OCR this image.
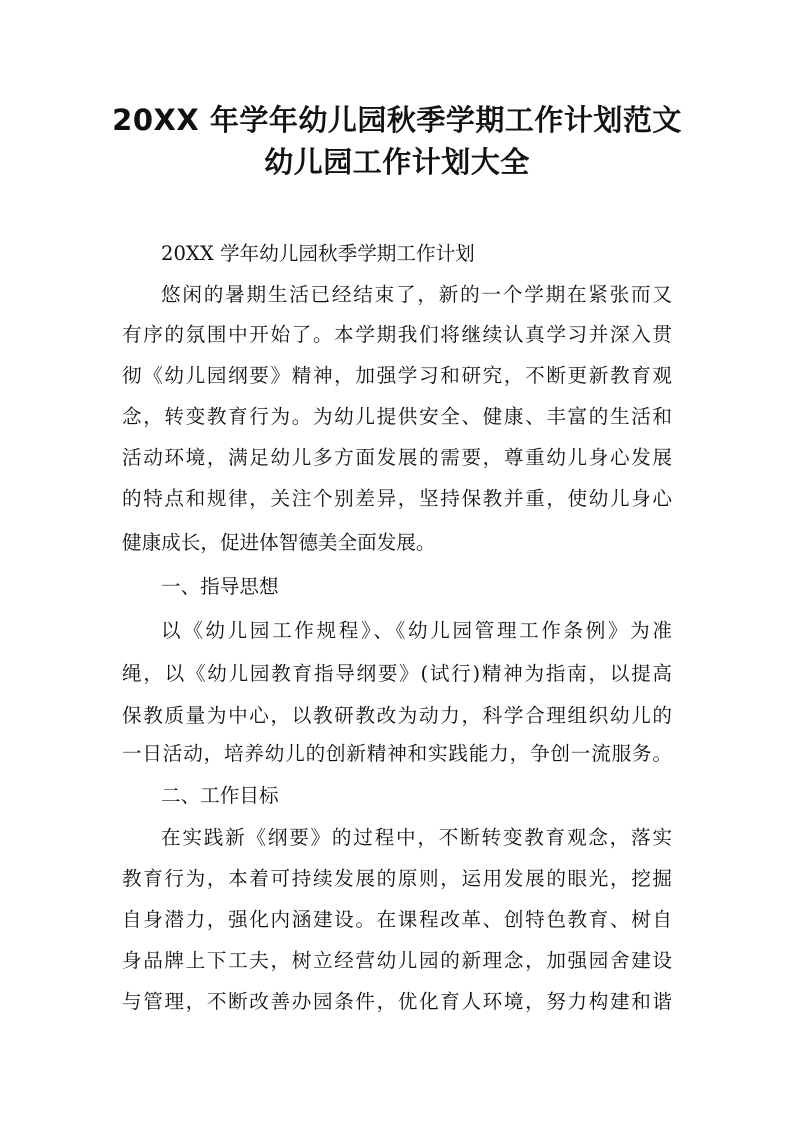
20XX 年学年幼儿园秋季学期工作计划范文
幼儿园工作计划大全
20XX 学年幼儿园秋季学期工作计划
悠闲的暑期生活已经结束了，新的一个学期在紧张而又
有序的氛围中开始了。本学期我们将继续认真学习并深入贯
彻《幼儿园纲要》精神，加强学习和研究，不断更新教育观
念，转变教育行为。为幼儿提供安全、健康、丰富的生活和
活动环境，满足幼儿多方面发展的需要，尊重幼儿身心发展
的特点和规律，关注个别差异，坚持保教并重，使幼儿身心
健康成长，促进体智德美全面发展。
一、指导思想
以《幼儿园工作规程》、《幼儿园管理工作条例》为准
绳，以《幼儿园教育指导纲要》(试行)精神为指南，以提高
保教质量为中心，以教研教改为动力，科学合理组织幼儿的
一日活动，培养幼儿的创新精神和实践能力，争创一流服务。
二、工作目标
在实践新《纲要》的过程中，不断转变教育观念，落实
教育行为，本着可持续发展的原则，运用发展的眼光，挖掘
自身潜力，强化内涵建设。在课程改革、创特色教育、树自
身品牌上下工夫，树立经营幼儿园的新理念，加强园舍建设
与管理，不断改善办园条件，优化育人环境，努力构建和谐
